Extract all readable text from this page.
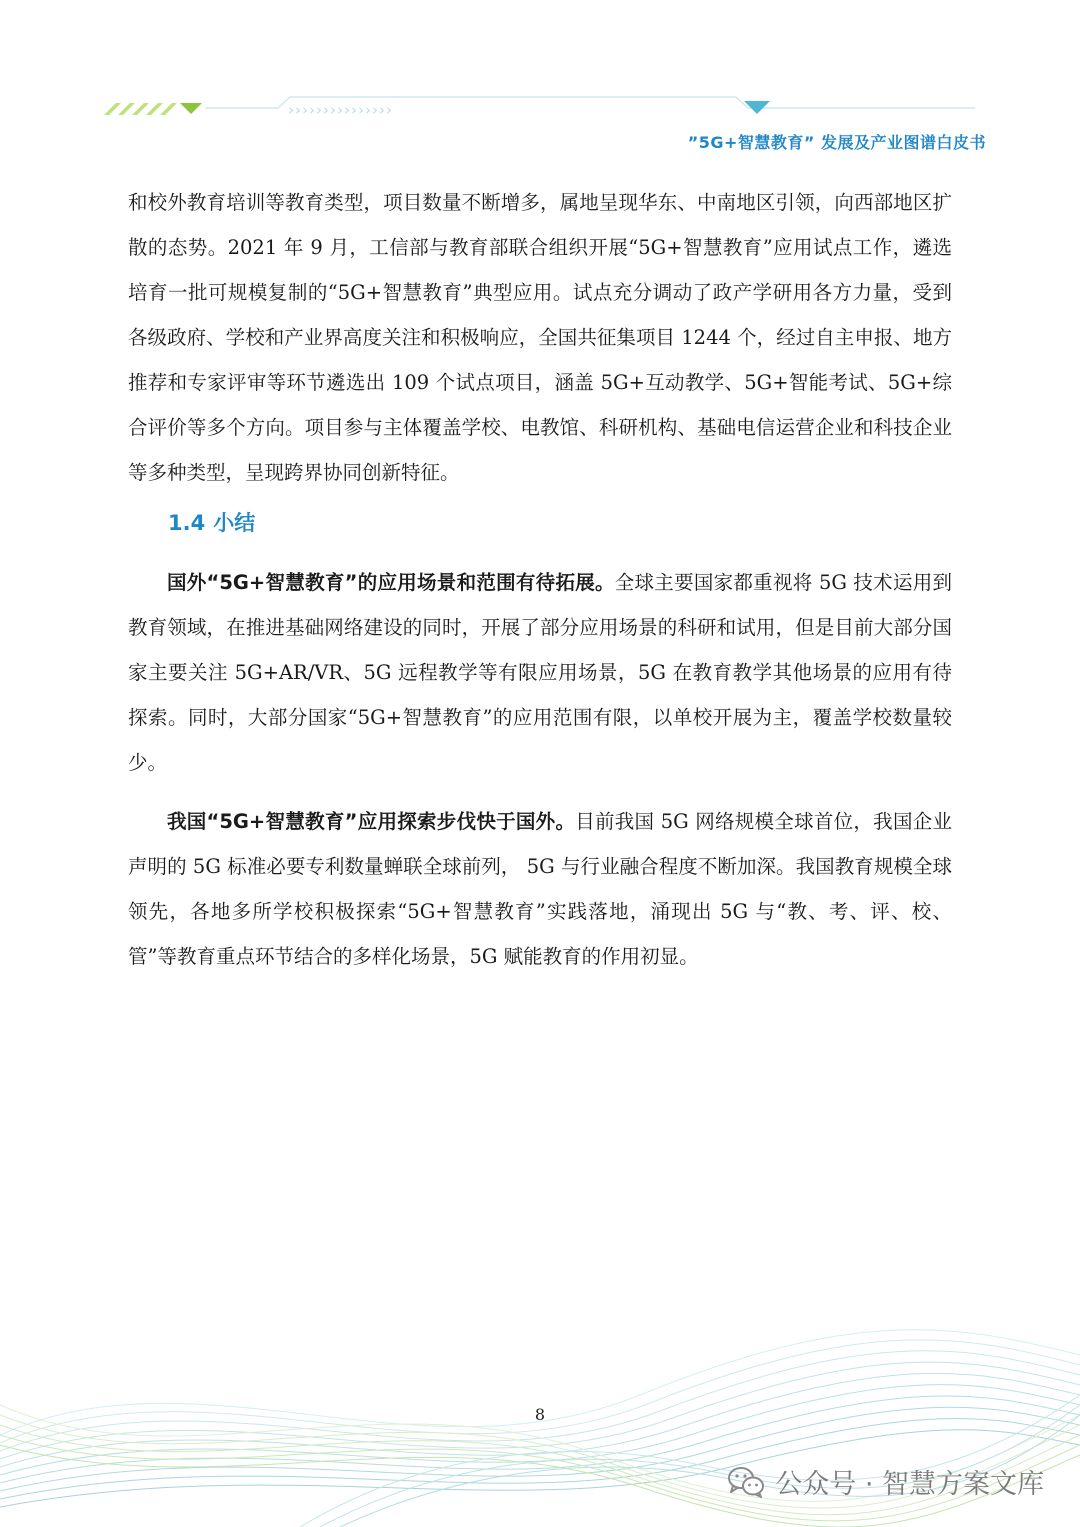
›››››››››››››››
”5G+智慧教育” 发展及产业图谱白皮书

和校外教育培训等教育类型，项目数量不断增多，属地呈现华东、中南地区引领，向西部地区扩散的态势。2021 年 9 月，工信部与教育部联合组织开展“5G+智慧教育”应用试点工作，遴选培育一批可规模复制的“5G+智慧教育”典型应用。试点充分调动了政产学研用各方力量，受到各级政府、学校和产业界高度关注和积极响应，全国共征集项目 1244 个，经过自主申报、地方推荐和专家评审等环节遴选出 109 个试点项目，涵盖 5G+互动教学、5G+智能考试、5G+综合评价等多个方向。项目参与主体覆盖学校、电教馆、科研机构、基础电信运营企业和科技企业等多种类型，呈现跨界协同创新特征。

1.4 小结

国外“5G+智慧教育”的应用场景和范围有待拓展。全球主要国家都重视将 5G 技术运用到教育领域，在推进基础网络建设的同时，开展了部分应用场景的科研和试用，但是目前大部分国家主要关注 5G+AR/VR、5G 远程教学等有限应用场景，5G 在教育教学其他场景的应用有待探索。同时，大部分国家“5G+智慧教育”的应用范围有限，以单校开展为主，覆盖学校数量较少。

我国“5G+智慧教育”应用探索步伐快于国外。目前我国 5G 网络规模全球首位，我国企业声明的 5G 标准必要专利数量蝉联全球前列， 5G 与行业融合程度不断加深。我国教育规模全球领先，各地多所学校积极探索“5G+智慧教育”实践落地，涌现出 5G 与“教、考、评、校、管”等教育重点环节结合的多样化场景，5G 赋能教育的作用初显。

8
公众号 · 智慧方案文库
